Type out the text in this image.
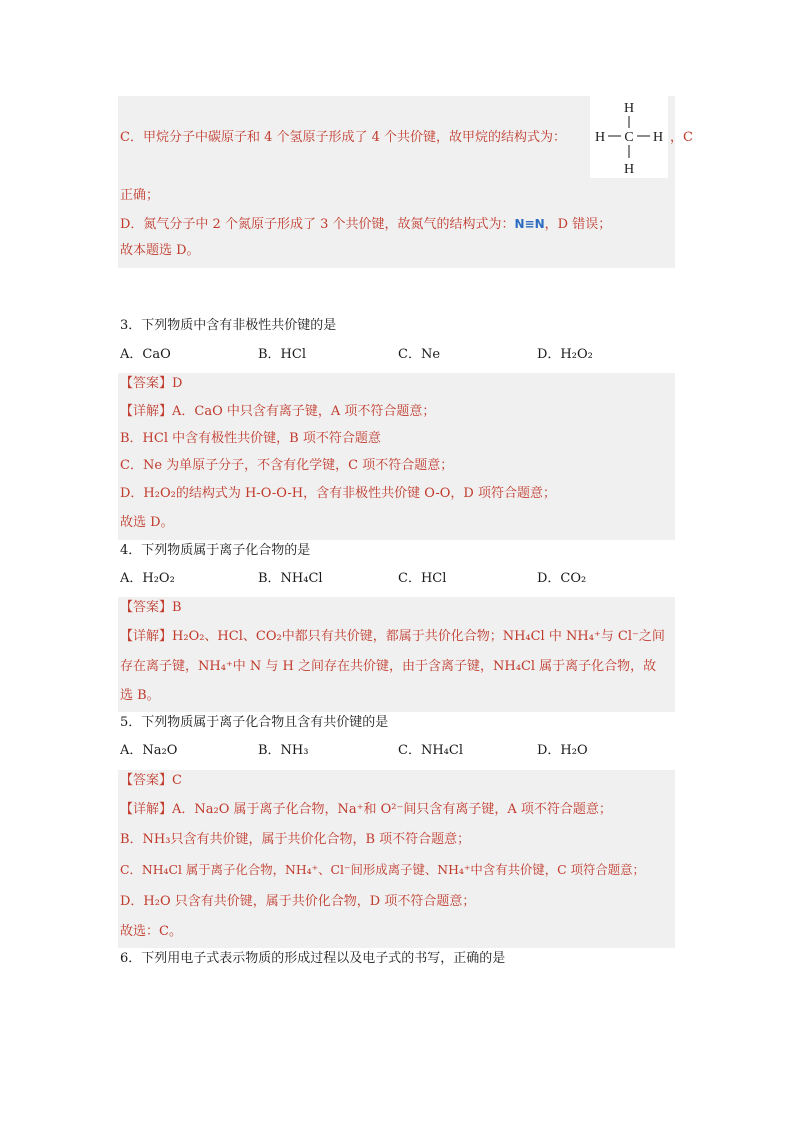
C．甲烷分子中碳原子和 4 个氢原子形成了 4 个共价键，故甲烷的结构式为：
H
H C H
H
，C
正确；
D．氮气分子中 2 个氮原子形成了 3 个共价键，故氮气的结构式为：N≡N，D 错误；
故本题选 D。
3．下列物质中含有非极性共价键的是
A．CaO	B．HCl	C．Ne	D．H₂O₂
【答案】D
【详解】A．CaO 中只含有离子键，A 项不符合题意；
B．HCl 中含有极性共价键，B 项不符合题意
C．Ne 为单原子分子，不含有化学键，C 项不符合题意；
D．H₂O₂的结构式为 H-O-O-H，含有非极性共价键 O-O，D 项符合题意；
故选 D。
4．下列物质属于离子化合物的是
A．H₂O₂	B．NH₄Cl	C．HCl	D．CO₂
【答案】B
【详解】H₂O₂、HCl、CO₂中都只有共价键，都属于共价化合物；NH₄Cl 中 NH₄⁺与 Cl⁻之间
存在离子键，NH₄⁺中 N 与 H 之间存在共价键，由于含离子键，NH₄Cl 属于离子化合物，故
选 B。
5．下列物质属于离子化合物且含有共价键的是
A．Na₂O	B．NH₃	C．NH₄Cl	D．H₂O
【答案】C
【详解】A．Na₂O 属于离子化合物，Na⁺和 O²⁻间只含有离子键，A 项不符合题意；
B．NH₃只含有共价键，属于共价化合物，B 项不符合题意；
C．NH₄Cl 属于离子化合物，NH₄⁺、Cl⁻间形成离子键、NH₄⁺中含有共价键，C 项符合题意；
D．H₂O 只含有共价键，属于共价化合物，D 项不符合题意；
故选：C。
6．下列用电子式表示物质的形成过程以及电子式的书写，正确的是
